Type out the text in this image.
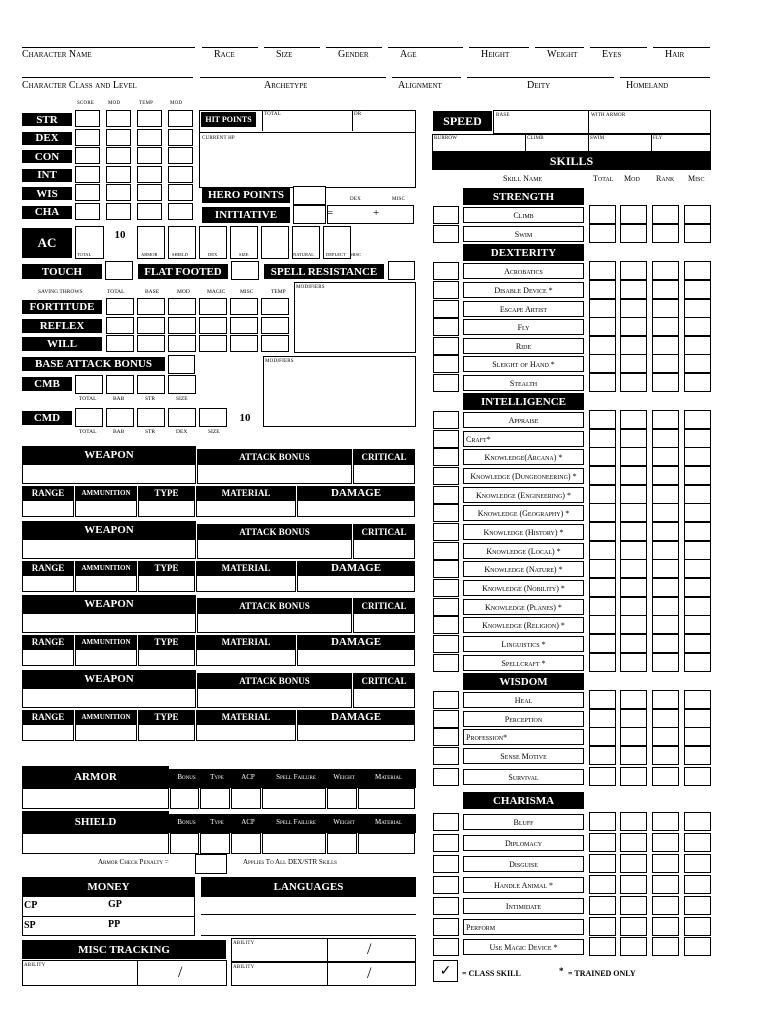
Character Name	Race	Size	Gender	Age	Height	Weight Eyes	Hair
Character Class and Level	Archetype	Alignment	Deity	Homeland
SCORE	MOD	TEMP	MOD
STR
DEX
CON
INT
WIS
CHA
HIT POINTS
TOTAL	DR
CURRENT HP
HERO POINTS	DEX	MISC
INITIATIVE	=	+
AC
10
TOTAL	ARMOR	SHIELD	DEX	SIZE	NATURAL	DEFLECT MISC
TOUCH	FLAT FOOTED	SPELL RESISTANCE
SAVING THROWS	TOTAL	BASE	MOD	MAGIC	MISC	TEMP
FORTITUDE
REFLEX
WILL
MODIFIERS
BASE ATTACK BONUS
CMB
TOTAL	BAB	STR	SIZE
MODIFIERS
CMD	10
TOTAL	BAB	STR	DEX	SIZE
WEAPON	ATTACK BONUS	CRITICAL
RANGE	AMMUNITION	TYPE	MATERIAL	DAMAGE
WEAPON	ATTACK BONUS	CRITICAL
RANGE	AMMUNITION	TYPE	MATERIAL	DAMAGE
WEAPON	ATTACK BONUS	CRITICAL
RANGE	AMMUNITION	TYPE	MATERIAL	DAMAGE
WEAPON	ATTACK BONUS	CRITICAL
RANGE	AMMUNITION	TYPE	MATERIAL	DAMAGE
ARMOR	Bonus	Type	ACP	Spell Failure	Weight	Material
SHIELD	Bonus	Type	ACP	Spell Failure	Weight	Material
Armor Check Penalty =	Applies To All DEX/STR Skills
MONEY
CP	GP
SP	PP
LANGUAGES
MISC TRACKING
ABILITY	/
ABILITY	/
ABILITY	/
SPEED	BASE	WITH ARMOR
BURROW	CLIMB	SWIM	FLY
SKILLS
Skill Name	Total Mod Rank Misc
STRENGTH
Climb
Swim
DEXTERITY
Acrobatics
Disable Device *
Escape Artist
Fly
Ride
Sleight of Hand *
Stealth
INTELLIGENCE
Appraise
Craft*
Knowledge(Arcana) *
Knowledge (Dungeoneering) *
Knowledge (Engineering) *
Knowledge (Geography) *
Knowledge (History) *
Knowledge (Local) *
Knowledge (Nature) *
Knowledge (Nobility) *
Knowledge (Planes) *
Knowledge (Religion) *
Linguistics *
Spellcraft *
WISDOM
Heal
Perception
Profession*
Sense Motive
Survival
CHARISMA
Bluff
Diplomacy
Disguise
Handle Animal *
Intimidate
Perform
Use Magic Device *
✓	= CLASS SKILL	* = TRAINED ONLY
